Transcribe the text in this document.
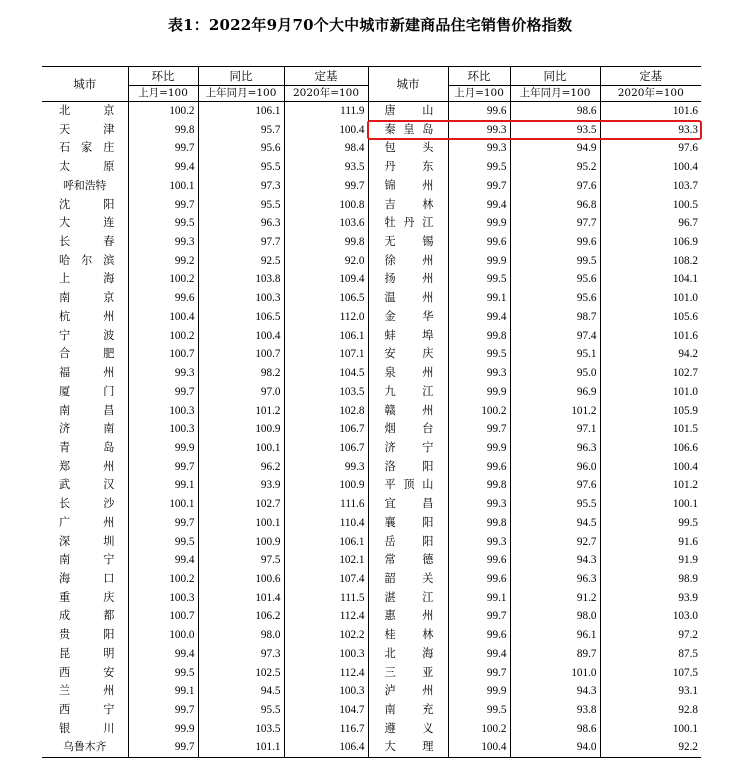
表1：2022年9月70个大中城市新建商品住宅销售价格指数
城市	环比	同比	定基	城市	环比	同比	定基
	上月=100	上年同月=100	2020年=100		上月=100	上年同月=100	2020年=100
北　京	100.2	106.1	111.9	唐　山	99.6	98.6	101.6
天　津	99.8	95.7	100.4	秦皇岛	99.3	93.5	93.3
石家庄	99.7	95.6	98.4	包　头	99.3	94.9	97.6
太　原	99.4	95.5	93.5	丹　东	99.5	95.2	100.4
呼和浩特	100.1	97.3	99.7	锦　州	99.7	97.6	103.7
沈　阳	99.7	95.5	100.8	吉　林	99.4	96.8	100.5
大　连	99.5	96.3	103.6	牡丹江	99.9	97.7	96.7
长　春	99.3	97.7	99.8	无　锡	99.6	99.6	106.9
哈尔滨	99.2	92.5	92.0	徐　州	99.9	99.5	108.2
上　海	100.2	103.8	109.4	扬　州	99.5	95.6	104.1
南　京	99.6	100.3	106.5	温　州	99.1	95.6	101.0
杭　州	100.4	106.5	112.0	金　华	99.4	98.7	105.6
宁　波	100.2	100.4	106.1	蚌　埠	99.8	97.4	101.6
合　肥	100.7	100.7	107.1	安　庆	99.5	95.1	94.2
福　州	99.3	98.2	104.5	泉　州	99.3	95.0	102.7
厦　门	99.7	97.0	103.5	九　江	99.9	96.9	101.0
南　昌	100.3	101.2	102.8	赣　州	100.2	101.2	105.9
济　南	100.3	100.9	106.7	烟　台	99.7	97.1	101.5
青　岛	99.9	100.1	106.7	济　宁	99.9	96.3	106.6
郑　州	99.7	96.2	99.3	洛　阳	99.6	96.0	100.4
武　汉	99.1	93.9	100.9	平顶山	99.8	97.6	101.2
长　沙	100.1	102.7	111.6	宜　昌	99.3	95.5	100.1
广　州	99.7	100.1	110.4	襄　阳	99.8	94.5	99.5
深　圳	99.5	100.9	106.1	岳　阳	99.3	92.7	91.6
南　宁	99.4	97.5	102.1	常　德	99.6	94.3	91.9
海　口	100.2	100.6	107.4	韶　关	99.6	96.3	98.9
重　庆	100.3	101.4	111.5	湛　江	99.1	91.2	93.9
成　都	100.7	106.2	112.4	惠　州	99.7	98.0	103.0
贵　阳	100.0	98.0	102.2	桂　林	99.6	96.1	97.2
昆　明	99.4	97.3	100.3	北　海	99.4	89.7	87.5
西　安	99.5	102.5	112.4	三　亚	99.7	101.0	107.5
兰　州	99.1	94.5	100.3	泸　州	99.9	94.3	93.1
西　宁	99.7	95.5	104.7	南　充	99.5	93.8	92.8
银　川	99.9	103.5	116.7	遵　义	100.2	98.6	100.1
乌鲁木齐	99.7	101.1	106.4	大　理	100.4	94.0	92.2
